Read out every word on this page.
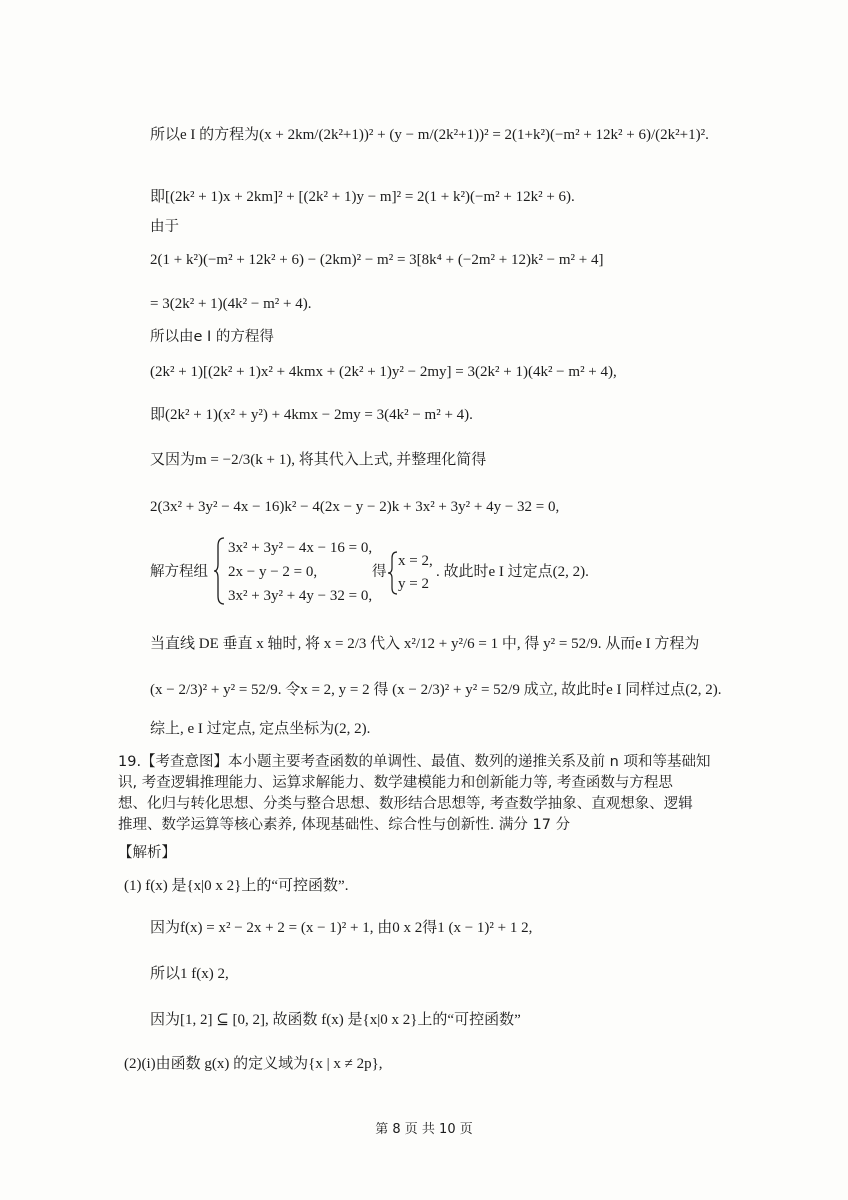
所以e I 的方程为(x + 2km/(2k²+1))² + (y − m/(2k²+1))² = 2(1+k²)(−m² + 12k² + 6)/(2k²+1)².
即[(2k² + 1)x + 2km]² + [(2k² + 1)y − m]² = 2(1 + k²)(−m² + 12k² + 6).
由于
2(1 + k²)(−m² + 12k² + 6) − (2km)² − m² = 3[8k⁴ + (−2m² + 12)k² − m² + 4]
= 3(2k² + 1)(4k² − m² + 4).
所以由e I 的方程得
(2k² + 1)[(2k² + 1)x² + 4kmx + (2k² + 1)y² − 2my] = 3(2k² + 1)(4k² − m² + 4),
即(2k² + 1)(x² + y²) + 4kmx − 2my = 3(4k² − m² + 4).
又因为m = −2/3(k + 1), 将其代入上式, 并整理化简得
2(3x² + 3y² − 4x − 16)k² − 4(2x − y − 2)k + 3x² + 3y² + 4y − 32 = 0,
解方程组
3x² + 3y² − 4x − 16 = 0,
2x − y − 2 = 0,
3x² + 3y² + 4y − 32 = 0,
得
x = 2,
y = 2
. 故此时e I 过定点(2, 2).
当直线 DE 垂直 x 轴时, 将 x = 2/3 代入 x²/12 + y²/6 = 1 中, 得 y² = 52/9. 从而e I 方程为
(x − 2/3)² + y² = 52/9. 令x = 2, y = 2 得 (x − 2/3)² + y² = 52/9 成立, 故此时e I 同样过点(2, 2).
综上, e I 过定点, 定点坐标为(2, 2).
19.【考查意图】本小题主要考查函数的单调性、最值、数列的递推关系及前 n 项和等基础知
识, 考查逻辑推理能力、运算求解能力、数学建模能力和创新能力等, 考查函数与方程思
想、化归与转化思想、分类与整合思想、数形结合思想等, 考查数学抽象、直观想象、逻辑
推理、数学运算等核心素养, 体现基础性、综合性与创新性. 满分 17 分
【解析】
(1) f(x) 是{x|0 x 2}上的“可控函数”.
因为f(x) = x² − 2x + 2 = (x − 1)² + 1, 由0 x 2得1 (x − 1)² + 1 2,
所以1 f(x) 2,
因为[1, 2] ⊆ [0, 2], 故函数 f(x) 是{x|0 x 2}上的“可控函数”
(2)(i)由函数 g(x) 的定义域为{x | x ≠ 2p},
第 8 页 共 10 页
